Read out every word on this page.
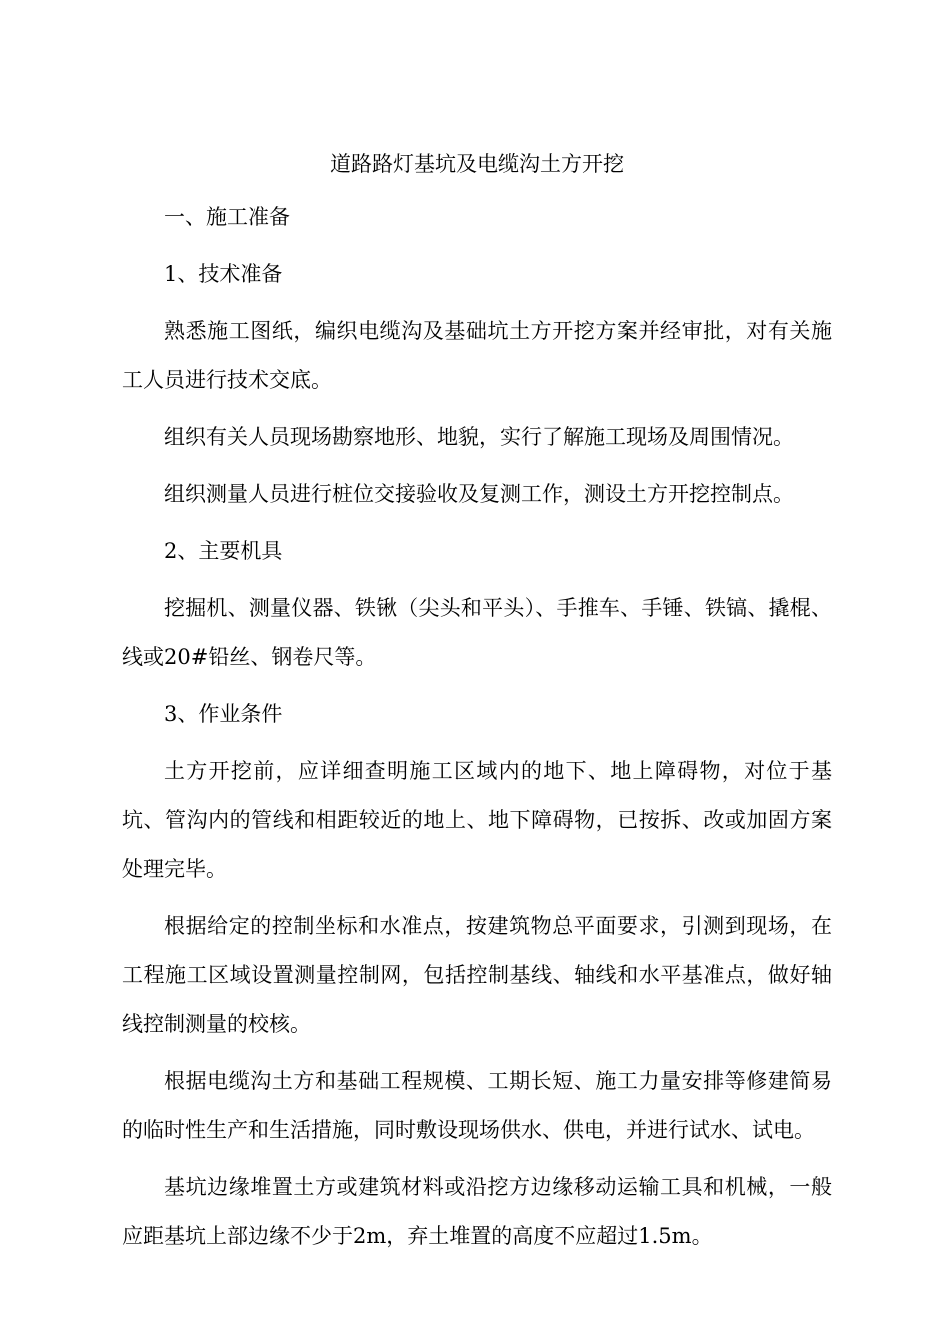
道路路灯基坑及电缆沟土方开挖
一、施工准备
1、技术准备
熟悉施工图纸，编织电缆沟及基础坑土方开挖方案并经审批，对有关施工人员进行技术交底。
组织有关人员现场勘察地形、地貌，实行了解施工现场及周围情况。
组织测量人员进行桩位交接验收及复测工作，测设土方开挖控制点。
2、主要机具
挖掘机、测量仪器、铁锹（尖头和平头）、手推车、手锤、铁镐、撬棍、线或20#铅丝、钢卷尺等。
3、作业条件
土方开挖前，应详细查明施工区域内的地下、地上障碍物，对位于基坑、管沟内的管线和相距较近的地上、地下障碍物，已按拆、改或加固方案处理完毕。
根据给定的控制坐标和水准点，按建筑物总平面要求，引测到现场，在工程施工区域设置测量控制网，包括控制基线、轴线和水平基准点，做好轴线控制测量的校核。
根据电缆沟土方和基础工程规模、工期长短、施工力量安排等修建简易的临时性生产和生活措施，同时敷设现场供水、供电，并进行试水、试电。
基坑边缘堆置土方或建筑材料或沿挖方边缘移动运输工具和机械，一般应距基坑上部边缘不少于2m，弃土堆置的高度不应超过1.5m。
